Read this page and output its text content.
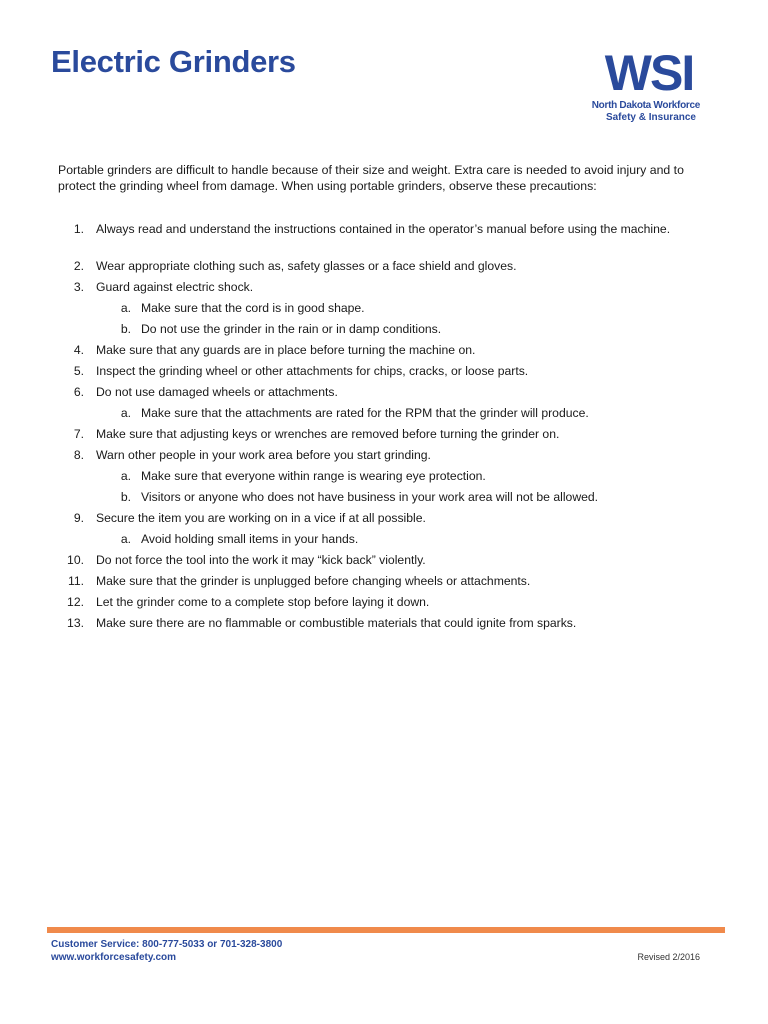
Electric Grinders	WSI
North Dakota Workforce
Safety & Insurance

Portable grinders are difficult to handle because of their size and weight. Extra care is needed to avoid injury and to protect the grinding wheel from damage. When using portable grinders, observe these precautions:

1. Always read and understand the instructions contained in the operator’s manual before using the machine.
2. Wear appropriate clothing such as, safety glasses or a face shield and gloves.
3. Guard against electric shock.
a. Make sure that the cord is in good shape.
b. Do not use the grinder in the rain or in damp conditions.
4. Make sure that any guards are in place before turning the machine on.
5. Inspect the grinding wheel or other attachments for chips, cracks, or loose parts.
6. Do not use damaged wheels or attachments.
a. Make sure that the attachments are rated for the RPM that the grinder will produce.
7. Make sure that adjusting keys or wrenches are removed before turning the grinder on.
8. Warn other people in your work area before you start grinding.
a. Make sure that everyone within range is wearing eye protection.
b. Visitors or anyone who does not have business in your work area will not be allowed.
9. Secure the item you are working on in a vice if at all possible.
a. Avoid holding small items in your hands.
10. Do not force the tool into the work it may “kick back” violently.
11. Make sure that the grinder is unplugged before changing wheels or attachments.
12. Let the grinder come to a complete stop before laying it down.
13. Make sure there are no flammable or combustible materials that could ignite from sparks.
Customer Service: 800-777-5033 or 701-328-3800
www.workforcesafety.com	Revised 2/2016
